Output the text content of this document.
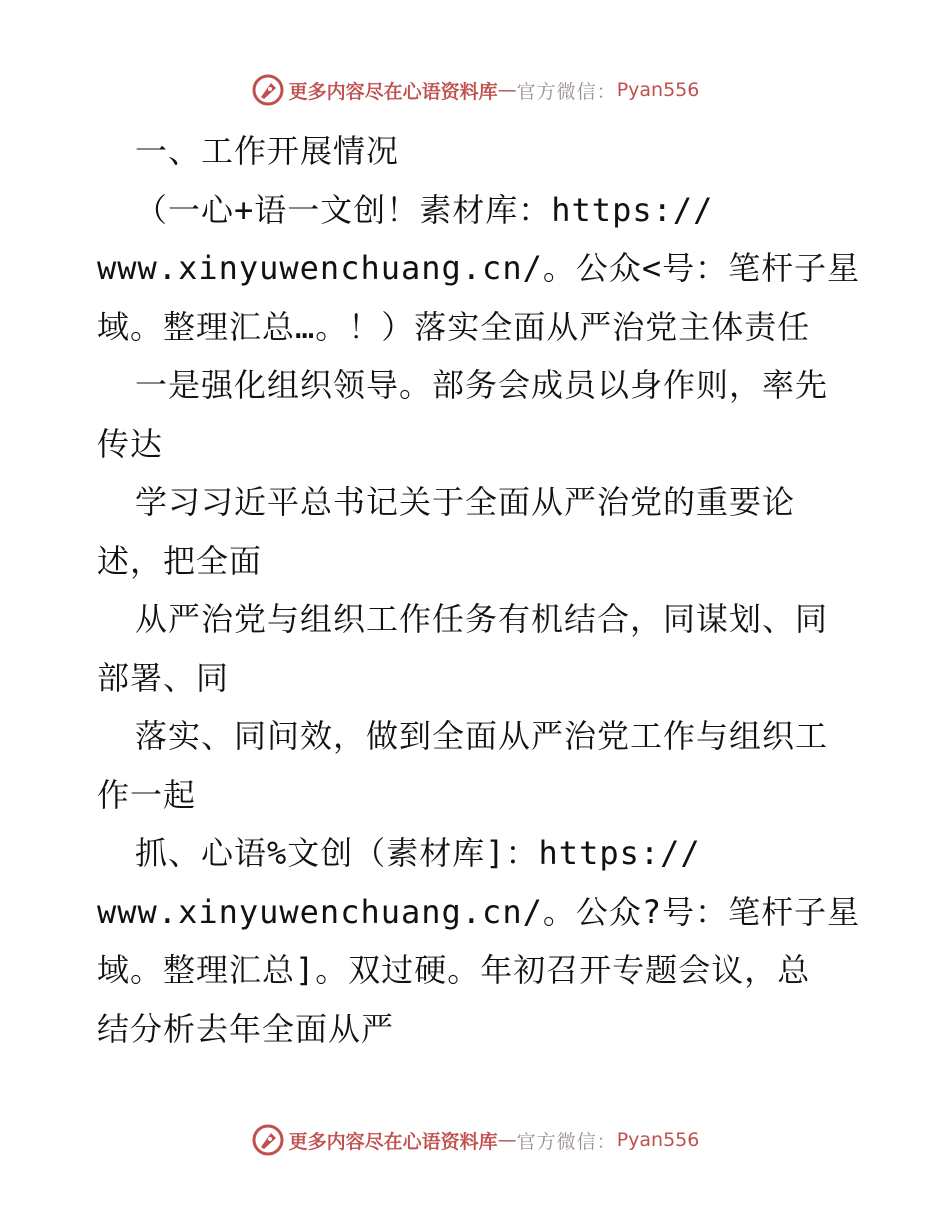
更多内容尽在心语资料库 — 官方微信： Pyan556
一、工作开展情况
（一心+语一文创！素材库：https://
www.xinyuwenchuang.cn/。公众<号：笔杆子星
域。整理汇总…。！）落实全面从严治党主体责任
一是强化组织领导。部务会成员以身作则，率先
传达
学习习近平总书记关于全面从严治党的重要论
述，把全面
从严治党与组织工作任务有机结合，同谋划、同
部署、同
落实、同问效，做到全面从严治党工作与组织工
作一起
抓、心语%文创（素材库]：https://
www.xinyuwenchuang.cn/。公众?号：笔杆子星
域。整理汇总]。双过硬。年初召开专题会议，总
结分析去年全面从严
更多内容尽在心语资料库 — 官方微信： Pyan556
